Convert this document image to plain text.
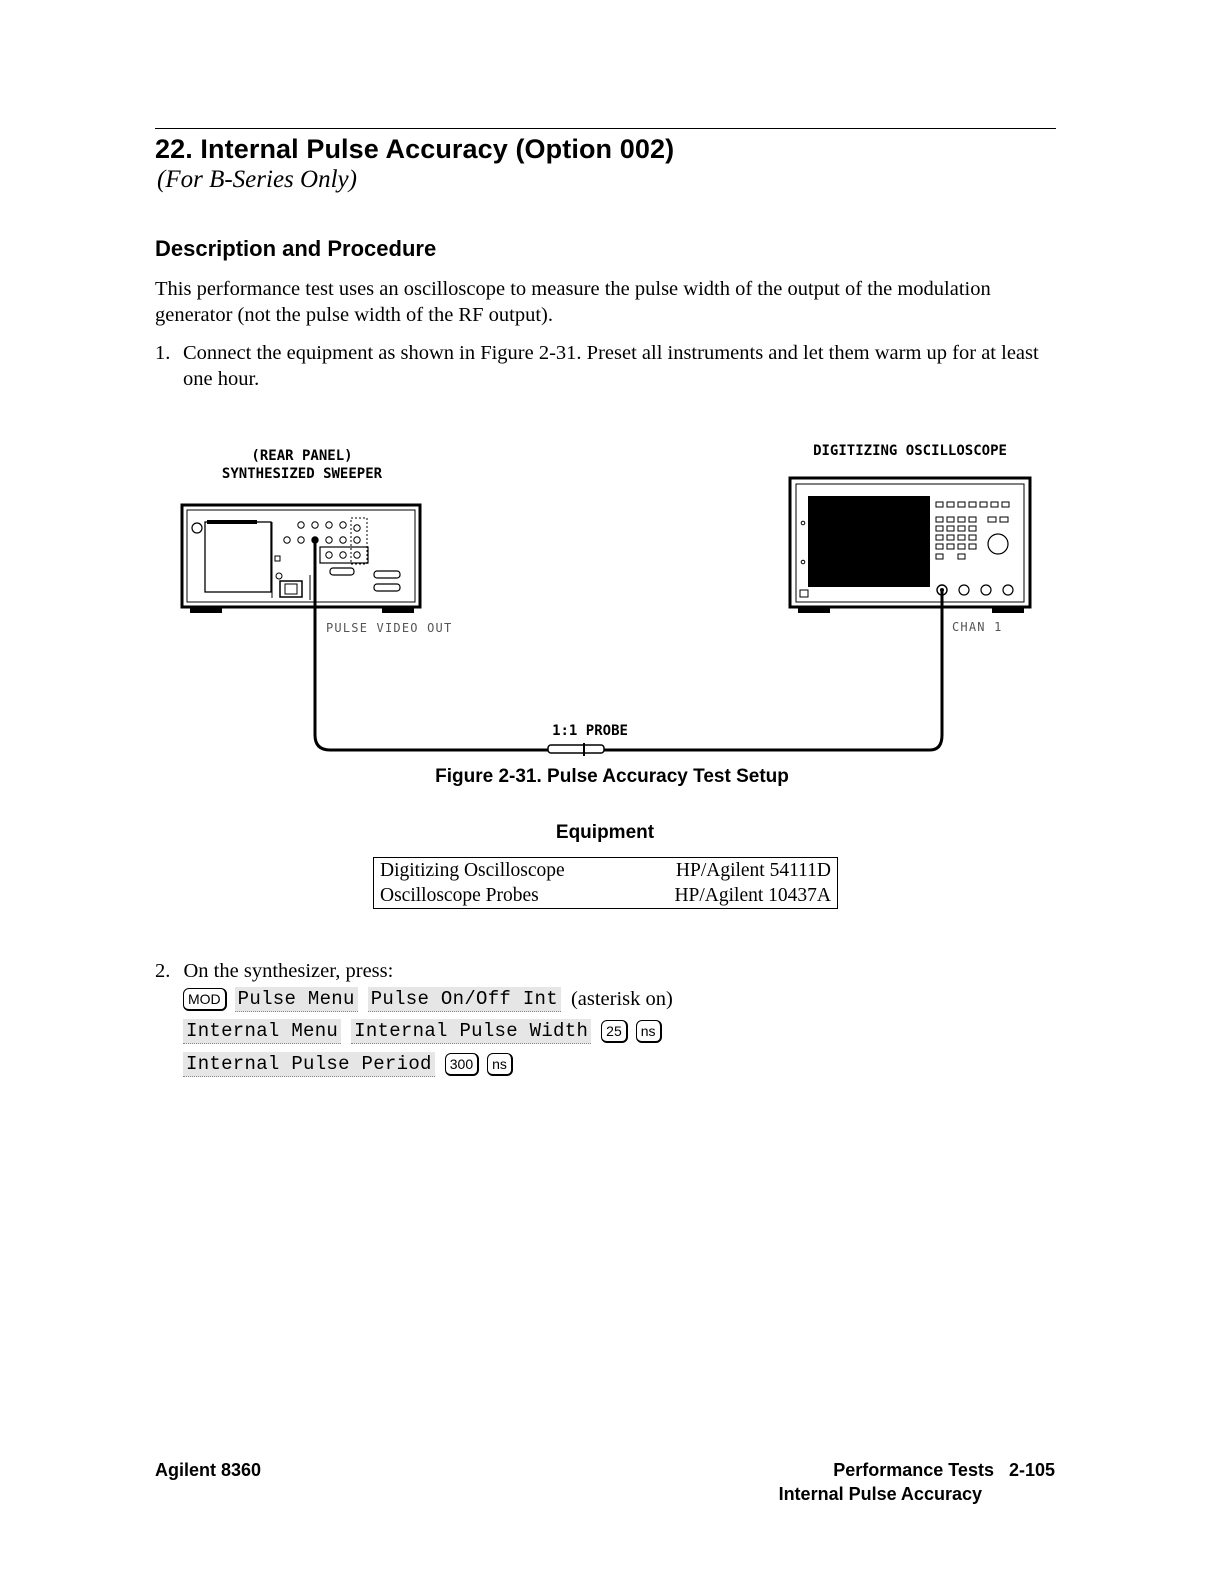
22. Internal Pulse Accuracy (Option 002)
(For B-Series Only)
Description and Procedure
This performance test uses an oscilloscope to measure the pulse width of the output of the modulation generator (not the pulse width of the RF output).
1. Connect the equipment as shown in Figure 2-31. Preset all instruments and let them warm up for at least one hour.
(REAR PANEL)
SYNTHESIZED SWEEPER
DIGITIZING OSCILLOSCOPE
PULSE VIDEO OUT	CHAN 1
1:1 PROBE
Figure 2-31. Pulse Accuracy Test Setup
Equipment
Digitizing Oscilloscope	HP/Agilent 54111D
Oscilloscope Probes	HP/Agilent 10437A
2. On the synthesizer, press:
MOD Pulse Menu Pulse On/Off Int (asterisk on)
Internal Menu Internal Pulse Width	25	ns
Internal Pulse Period	300	ns
Agilent 8360	Performance Tests   2-105
Internal Pulse Accuracy
